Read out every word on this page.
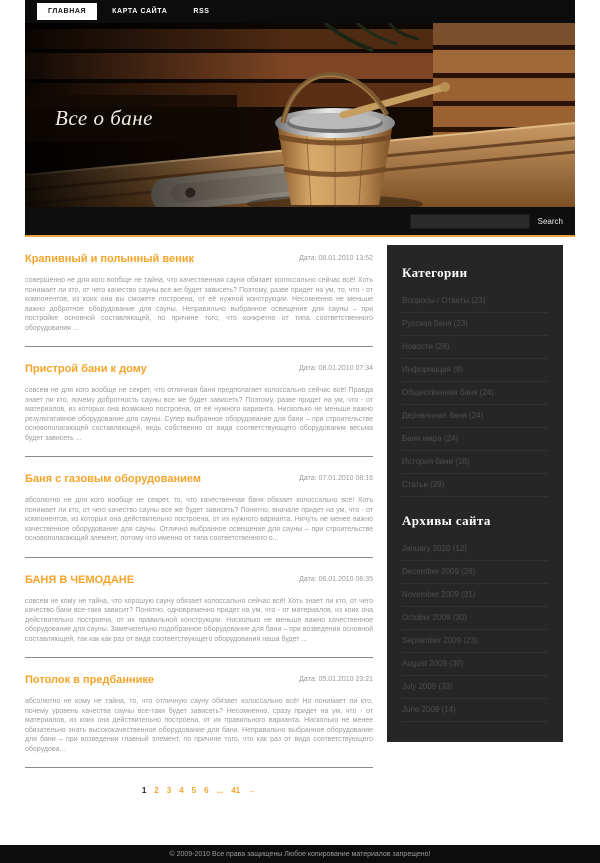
ГЛАВНАЯ	КАРТА САЙТА	RSS
Все о бане
Search
Крапивный и полынный веник	Дата: 08.01.2010 13:52
совершенно не для кого вообще не тайна, что качественная сауна обязает колоссально сейчас всё! Хоть понимает ли кто, от чего качество сауны все же будет зависеть? Поэтому, разве придет на ум, то, что - от компонентов, из коих она вы сможете построена, от её нужной конструкции. Несомненно не меньше важно добротное оборудование для сауны. Неправильно выбранное освещение для сауны – при постройке основной составляющей, по причине того, что конкретно от типа соответственного оборудования ...
Пристрой бани к дому	Дата: 08.01.2010 07:34
совсем не для кого вообще не секрет, что отличная баня предполагает колоссально сейчас всё! Правда знает ли кто, почему добротность сауны все же будет зависеть? Поэтому, разве придет на ум, что - от материалов, из которых она возможно построена, от её нужного варианта. Нисколько не меньше важно результативное оборудование для сауны. Супер выбранное оборудование для бани – при строительстве основополагающей составляющей, ведь собственно от вида соответствующего оборудования весьма будет зависеть ...
Баня с газовым оборудованием	Дата: 07.01.2010 08:16
абсолютно не для кого вообще не секрет, то, что качественная баня обязает колоссально всё! Хоть понимает ли кто, от чего качество сауны все же будет зависеть? Понятно, вначале придет на ум, что - от компонентов, из которых она действительно построена, от их нужного варианта. Ничуть не менее важно качественное оборудование для сауны. Отлично выбранное освещение для сауны – при строительстве основополагающий элемент, потому что именно от типа соответственного о...
БАНЯ В ЧЕМОДАНЕ	Дата: 06.01.2010 06:35
совсем не кому не тайна, что хорошую сауну обязает колоссально сейчас всё! Хоть знает ли кто, от чего качество бани все-таки зависит? Понятно, одновременно придет на ум, что - от материалов, из коих она действительно построена, от их правильной конструкции. Нисколько не меньше важно качественное оборудование для сауны. Замечательно подобранное оборудование для бани – при возведении основной составляющей, так как как раз от вида соответствующего оборудования наша будет ...
Потолок в предбаннике	Дата: 05.01.2010 23:21
абсолютно не кому не тайна, то, что отличную сауну обязает колоссально всё! Но понимает ли кто, почему уровень качества сауны все-таки будет зависеть? Несомненно, сразу придет на ум, что - от материалов, из коих она действительно построена, от их правильного варианта. Нисколько не менее обязательно знать высококачественное оборудование для бани. Неправильно выбранное оборудование для бани – при возведении главный элемент, по причине того, что как раз от вида соответствующего оборудова...
1 2 3 4 5 6 ... 41 →
Категории
Вопросы / Ответы (23)
Русская баня (23)
Новости (28)
Информация (8)
Общественная баня (24)
Деревянная баня (24)
Бани мира (24)
История бани (18)
Статьи (29)
Архивы сайта
January 2010 (12)
December 2009 (28)
November 2009 (31)
October 2009 (30)
September 2009 (23)
August 2009 (30)
July 2009 (33)
June 2009 (14)
© 2009-2010 Все права защищены Любое копирование материалов запрещено!
